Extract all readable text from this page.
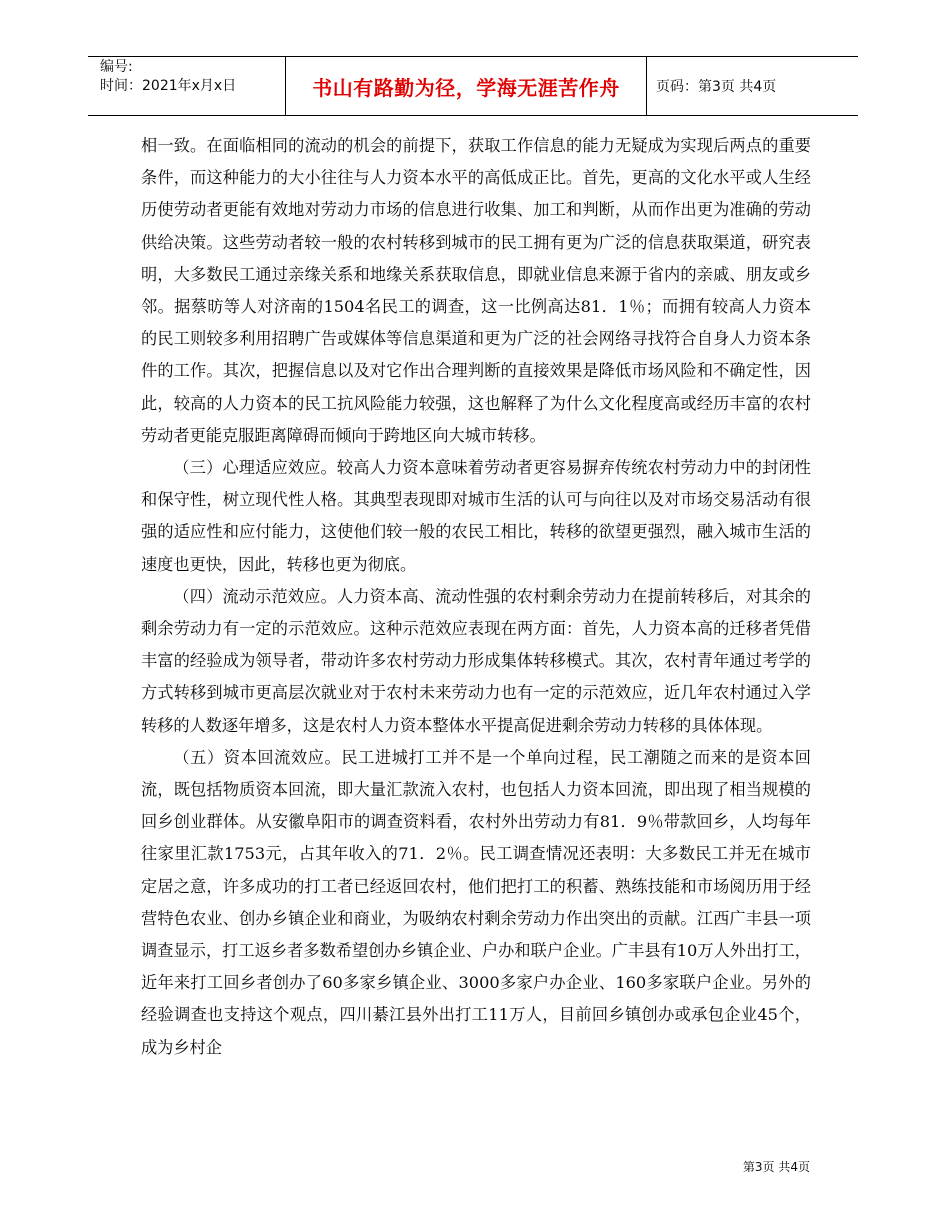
编号:
时间：2021年x月x日	书山有路勤为径，学海无涯苦作舟	页码：第3页 共4页

相一致。在面临相同的流动的机会的前提下，获取工作信息的能力无疑成为实现后两点的重要条件，而这种能力的大小往往与人力资本水平的高低成正比。首先，更高的文化水平或人生经历使劳动者更能有效地对劳动力市场的信息进行收集、加工和判断，从而作出更为准确的劳动供给决策。这些劳动者较一般的农村转移到城市的民工拥有更为广泛的信息获取渠道，研究表明，大多数民工通过亲缘关系和地缘关系获取信息，即就业信息来源于省内的亲戚、朋友或乡邻。据蔡昉等人对济南的1504名民工的调查，这一比例高达81．1％；而拥有较高人力资本的民工则较多利用招聘广告或媒体等信息渠道和更为广泛的社会网络寻找符合自身人力资本条件的工作。其次，把握信息以及对它作出合理判断的直接效果是降低市场风险和不确定性，因此，较高的人力资本的民工抗风险能力较强，这也解释了为什么文化程度高或经历丰富的农村劳动者更能克服距离障碍而倾向于跨地区向大城市转移。

（三）心理适应效应。较高人力资本意味着劳动者更容易摒弃传统农村劳动力中的封闭性和保守性，树立现代性人格。其典型表现即对城市生活的认可与向往以及对市场交易活动有很强的适应性和应付能力，这使他们较一般的农民工相比，转移的欲望更强烈，融入城市生活的速度也更快，因此，转移也更为彻底。

（四）流动示范效应。人力资本高、流动性强的农村剩余劳动力在提前转移后，对其余的剩余劳动力有一定的示范效应。这种示范效应表现在两方面：首先，人力资本高的迁移者凭借丰富的经验成为领导者，带动许多农村劳动力形成集体转移模式。其次，农村青年通过考学的方式转移到城市更高层次就业对于农村未来劳动力也有一定的示范效应，近几年农村通过入学转移的人数逐年增多，这是农村人力资本整体水平提高促进剩余劳动力转移的具体体现。

（五）资本回流效应。民工进城打工并不是一个单向过程，民工潮随之而来的是资本回流，既包括物质资本回流，即大量汇款流入农村，也包括人力资本回流，即出现了相当规模的回乡创业群体。从安徽阜阳市的调查资料看，农村外出劳动力有81．9％带款回乡，人均每年往家里汇款1753元，占其年收入的71．2％。民工调查情况还表明：大多数民工并无在城市定居之意，许多成功的打工者已经返回农村，他们把打工的积蓄、熟练技能和市场阅历用于经营特色农业、创办乡镇企业和商业，为吸纳农村剩余劳动力作出突出的贡献。江西广丰县一项调查显示，打工返乡者多数希望创办乡镇企业、户办和联户企业。广丰县有10万人外出打工，近年来打工回乡者创办了60多家乡镇企业、3000多家户办企业、160多家联户企业。另外的经验调查也支持这个观点，四川綦江县外出打工11万人，目前回乡镇创办或承包企业45个，成为乡村企

第3页 共4页
